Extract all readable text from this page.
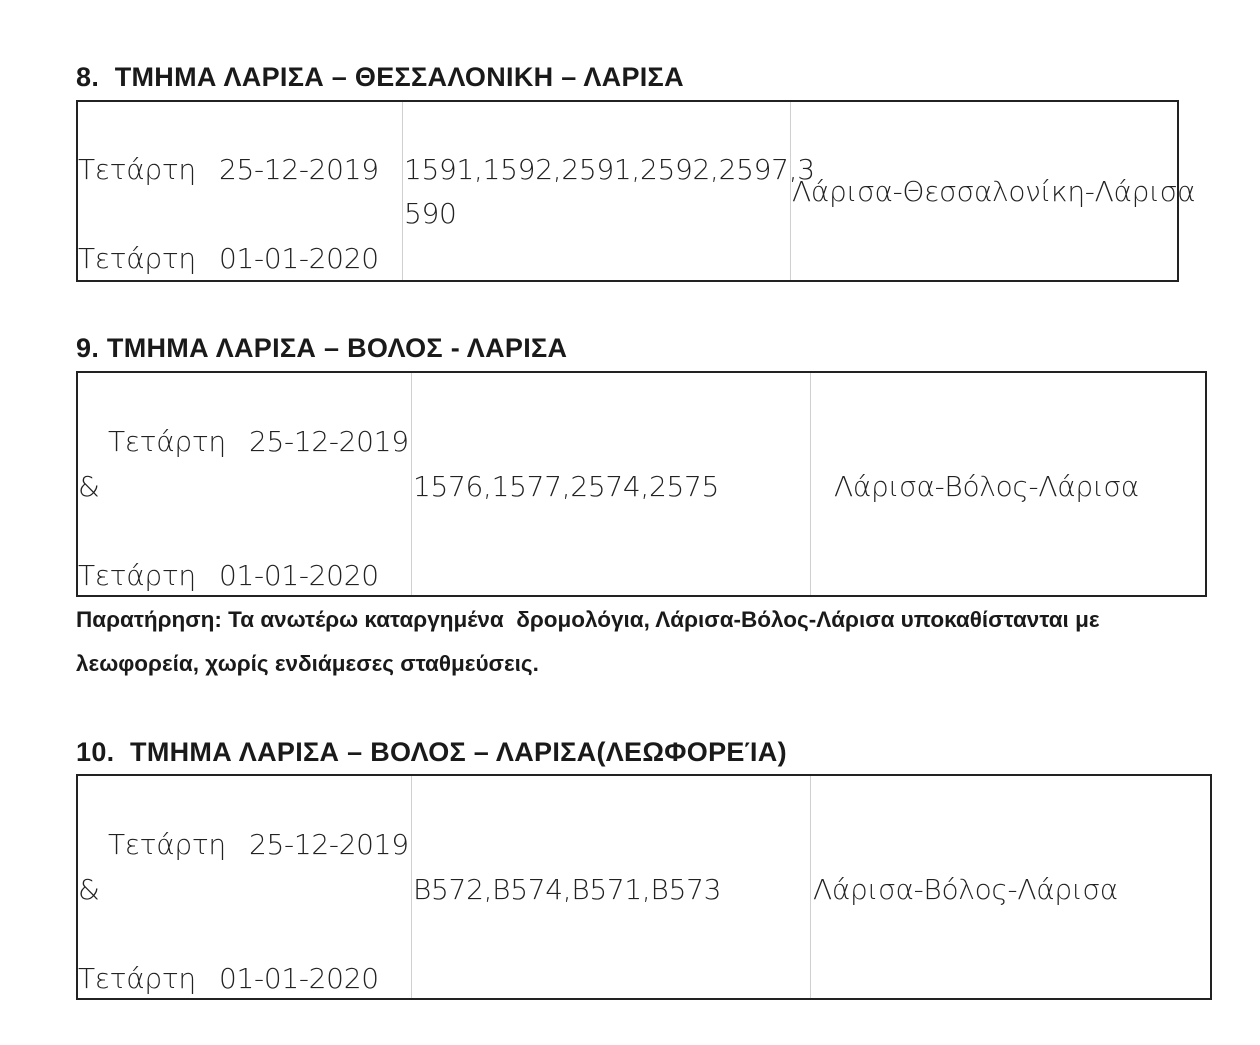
8.  ΤΜΗΜΑ ΛΑΡΙΣΑ – ΘΕΣΣΑΛΟΝΙΚΗ – ΛΑΡΙΣΑ
Τετάρτη 25-12-2019
Τετάρτη 01-01-2020
1591,1592,2591,2592,2597,3
590
Λάρισα-Θεσσαλονίκη-Λάρισα
9. ΤΜΗΜΑ ΛΑΡΙΣΑ – ΒΟΛΟΣ - ΛΑΡΙΣΑ
Τετάρτη 25-12-2019
&
Τετάρτη 01-01-2020
1576,1577,2574,2575	Λάρισα-Βόλος-Λάρισα
Παρατήρηση: Τα ανωτέρω καταργημένα  δρομολόγια, Λάρισα-Βόλος-Λάρισα υποκαθίστανται με
λεωφορεία, χωρίς ενδιάμεσες σταθμεύσεις.
10.  ΤΜΗΜΑ ΛΑΡΙΣΑ – ΒΟΛΟΣ – ΛΑΡΙΣΑ(ΛΕΩΦΟΡΕΊΑ)
Τετάρτη 25-12-2019
&
Τετάρτη 01-01-2020
Β572,Β574,Β571,Β573	Λάρισα-Βόλος-Λάρισα
